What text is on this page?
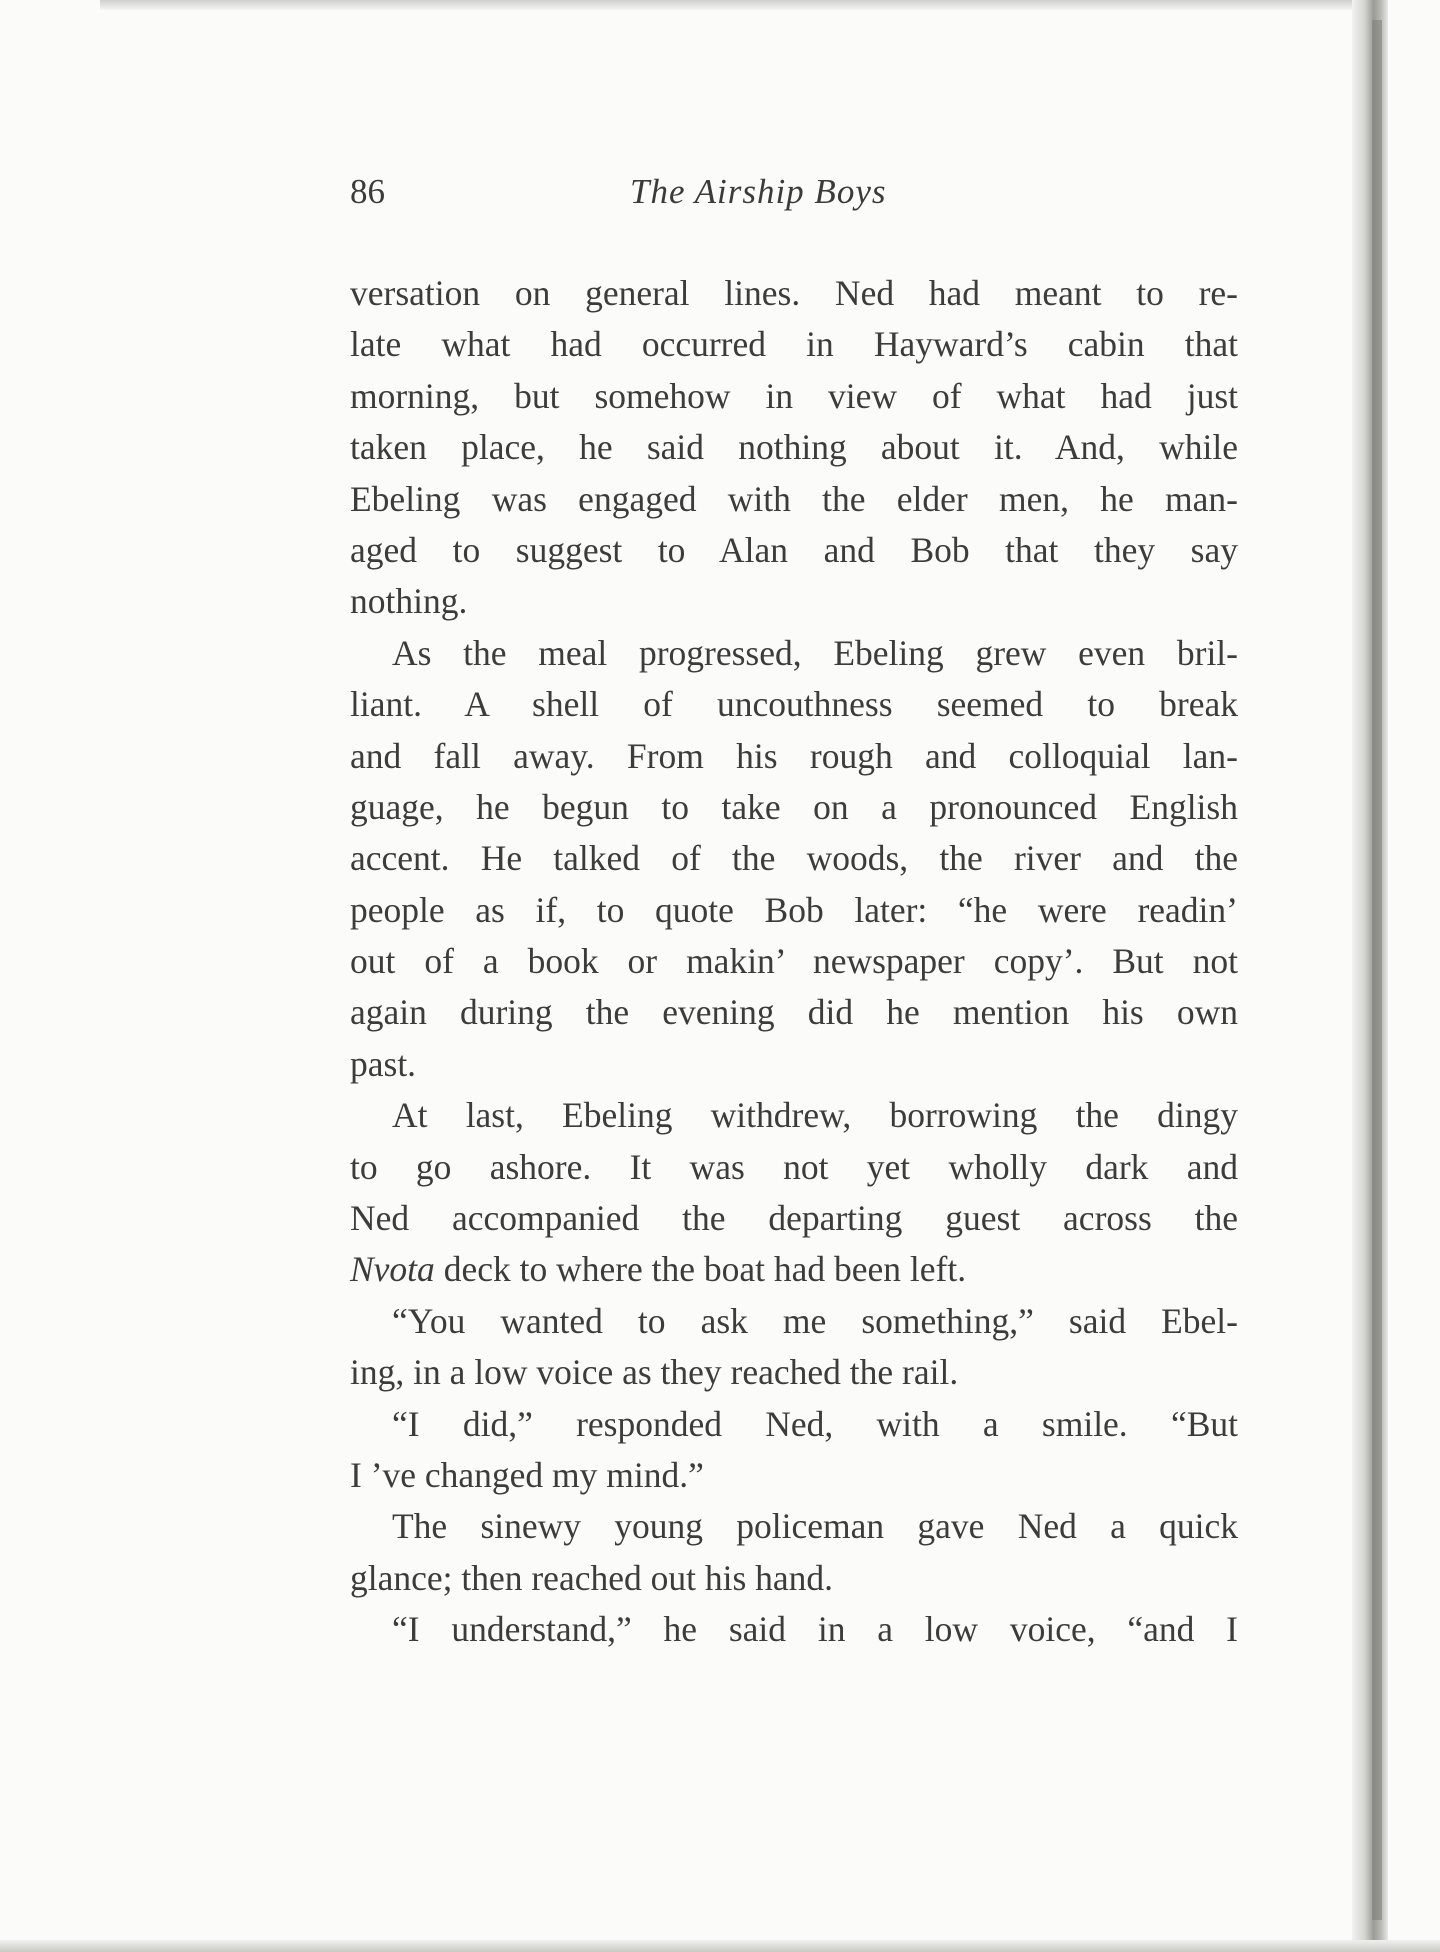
86	The Airship Boys
versation on general lines. Ned had meant to re-
late what had occurred in Hayward’s cabin that
morning, but somehow in view of what had just
taken place, he said nothing about it. And, while
Ebeling was engaged with the elder men, he man-
aged to suggest to Alan and Bob that they say
nothing.
As the meal progressed, Ebeling grew even bril-
liant. A shell of uncouthness seemed to break
and fall away. From his rough and colloquial lan-
guage, he begun to take on a pronounced English
accent. He talked of the woods, the river and the
people as if, to quote Bob later: “he were readin’
out of a book or makin’ newspaper copy’. But not
again during the evening did he mention his own
past.
At last, Ebeling withdrew, borrowing the dingy
to go ashore. It was not yet wholly dark and
Ned accompanied the departing guest across the
Nvota deck to where the boat had been left.
“You wanted to ask me something,” said Ebel-
ing, in a low voice as they reached the rail.
“I did,” responded Ned, with a smile. “But
I ’ve changed my mind.”
The sinewy young policeman gave Ned a quick
glance; then reached out his hand.
“I understand,” he said in a low voice, “and I
